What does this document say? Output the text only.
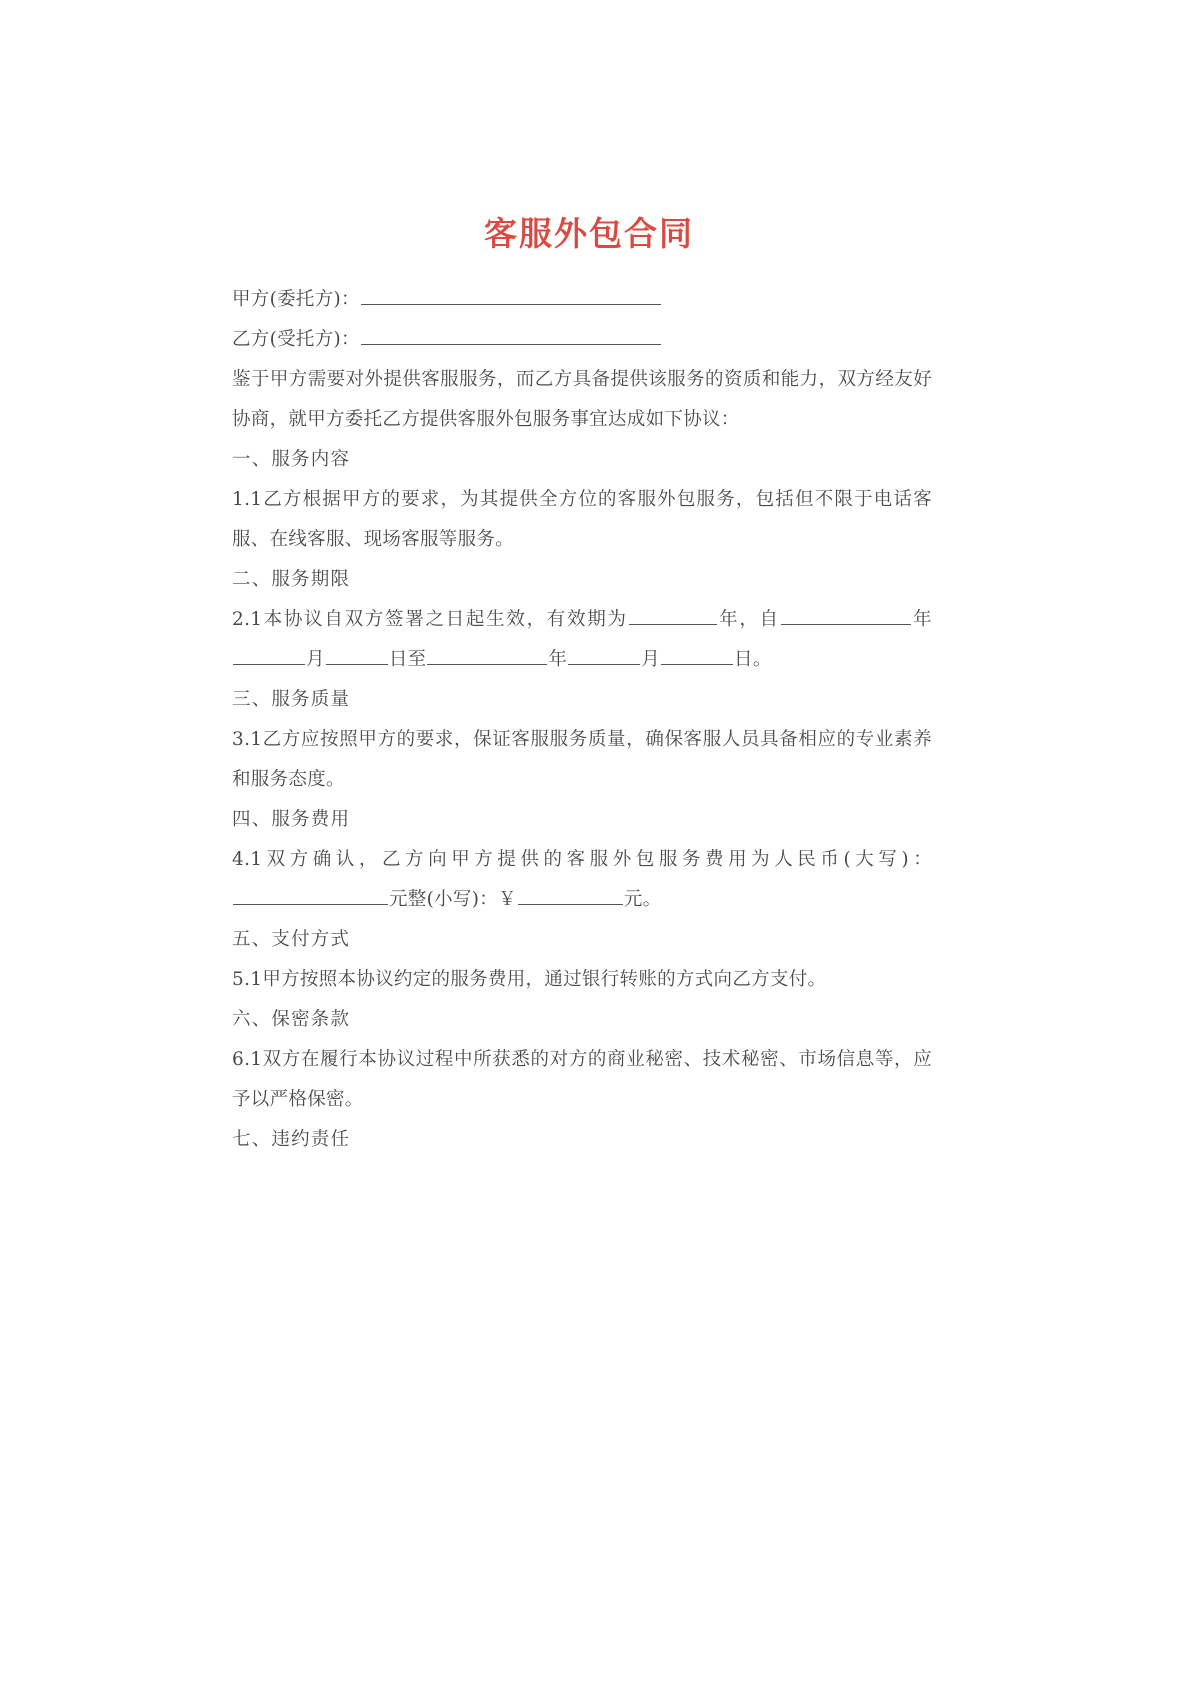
客服外包合同

甲方(委托方)：

乙方(受托方)：

鉴于甲方需要对外提供客服服务，而乙方具备提供该服务的资质和能力，双方经友好协商，就甲方委托乙方提供客服外包服务事宜达成如下协议：

一、服务内容

1.1乙方根据甲方的要求，为其提供全方位的客服外包服务，包括但不限于电话客服、在线客服、现场客服等服务。

二、服务期限

2.1本协议自双方签署之日起生效，有效期为	年，自	年月	日至	年	月	日。

三、服务质量

3.1乙方应按照甲方的要求，保证客服服务质量，确保客服人员具备相应的专业素养和服务态度。

四、服务费用

4.1双方确认，乙方向甲方提供的客服外包服务费用为人民币(大写)：元整(小写)：￥	元。

五、支付方式

5.1甲方按照本协议约定的服务费用，通过银行转账的方式向乙方支付。

六、保密条款

6.1双方在履行本协议过程中所获悉的对方的商业秘密、技术秘密、市场信息等，应予以严格保密。

七、违约责任
